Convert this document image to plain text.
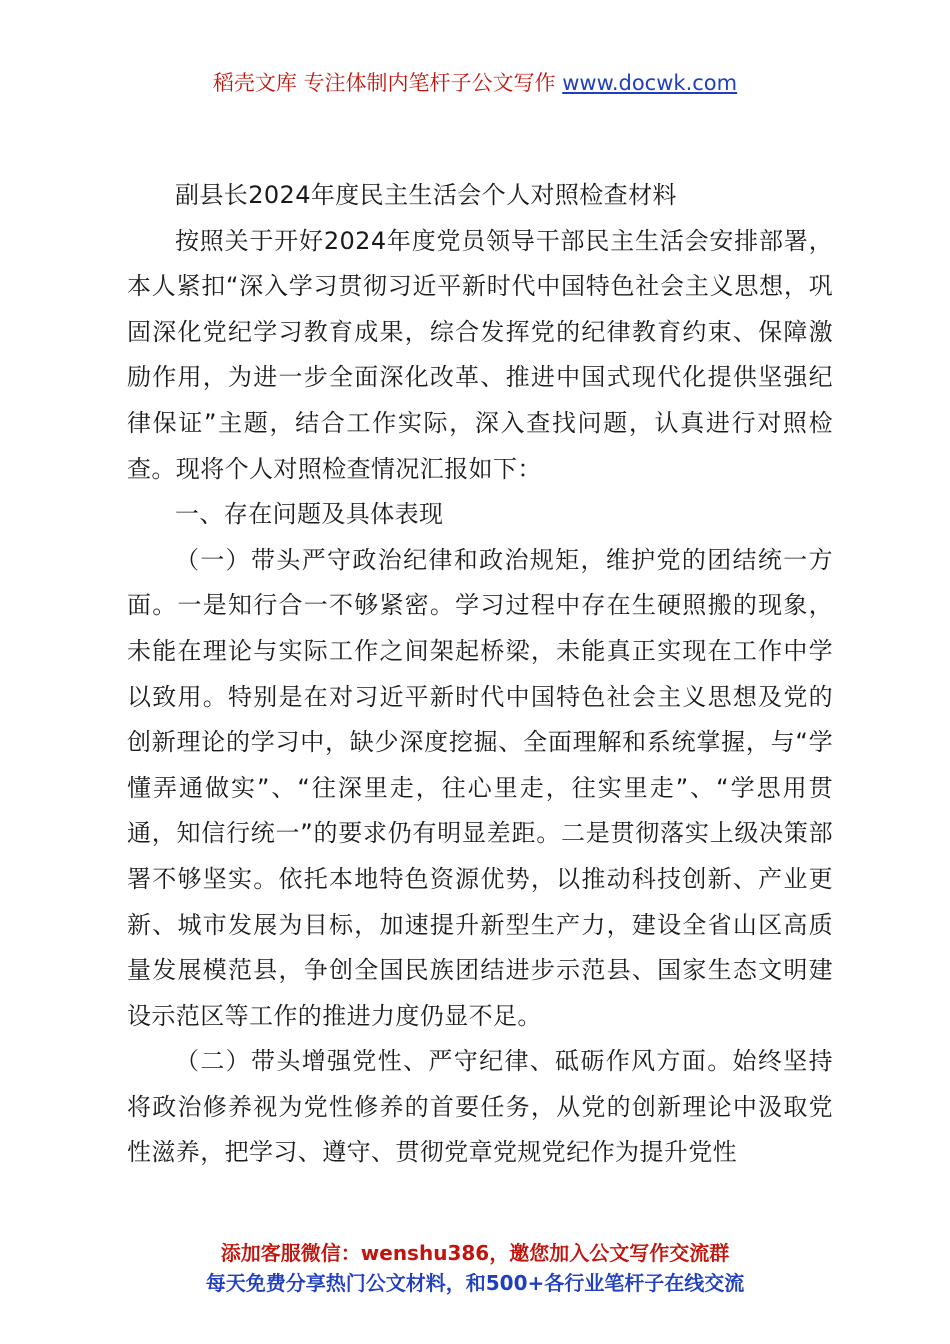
稻壳文库 专注体制内笔杆子公文写作 www.docwk.com

副县长2024年度民主生活会个人对照检查材料

按照关于开好2024年度党员领导干部民主生活会安排部署，本人紧扣“深入学习贯彻习近平新时代中国特色社会主义思想，巩固深化党纪学习教育成果，综合发挥党的纪律教育约束、保障激励作用，为进一步全面深化改革、推进中国式现代化提供坚强纪律保证”主题，结合工作实际，深入查找问题，认真进行对照检查。现将个人对照检查情况汇报如下：

一、存在问题及具体表现

（一）带头严守政治纪律和政治规矩，维护党的团结统一方面。一是知行合一不够紧密。学习过程中存在生硬照搬的现象，未能在理论与实际工作之间架起桥梁，未能真正实现在工作中学以致用。特别是在对习近平新时代中国特色社会主义思想及党的创新理论的学习中，缺少深度挖掘、全面理解和系统掌握，与“学懂弄通做实”、“往深里走，往心里走，往实里走”、“学思用贯通，知信行统一”的要求仍有明显差距。二是贯彻落实上级决策部署不够坚实。依托本地特色资源优势，以推动科技创新、产业更新、城市发展为目标，加速提升新型生产力，建设全省山区高质量发展模范县，争创全国民族团结进步示范县、国家生态文明建设示范区等工作的推进力度仍显不足。

（二）带头增强党性、严守纪律、砥砺作风方面。始终坚持将政治修养视为党性修养的首要任务，从党的创新理论中汲取党性滋养，把学习、遵守、贯彻党章党规党纪作为提升党性

添加客服微信：wenshu386，邀您加入公文写作交流群
每天免费分享热门公文材料，和500+各行业笔杆子在线交流
